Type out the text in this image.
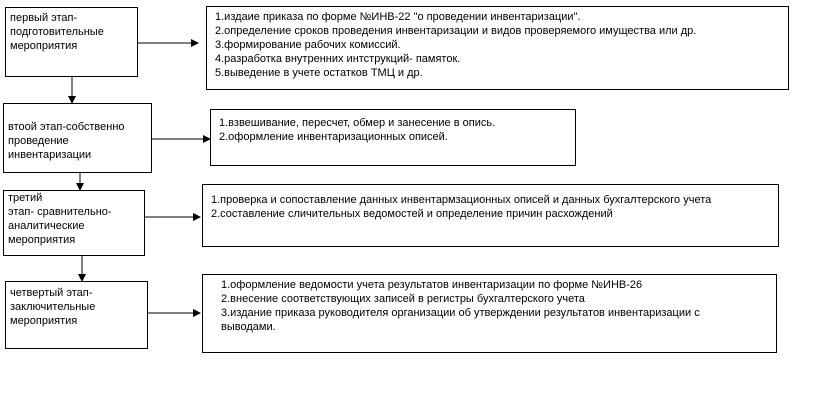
первый этап-
подготовительные
мероприятия
1.издаие приказа по форме №ИНВ-22 "о проведении инвентаризации".
2.определение сроков проведения инвентаризации и видов проверяемого имущества или др.
3.формирование рабочих комиссий.
4.разработка внутренних интструкций- памяток.
5.выведение в учете остатков ТМЦ и др.
втоой этап-собственно
проведение
инвентаризации
1.взвешивание, пересчет, обмер и занесение в опись.
2.оформление инвентаризационных описей.
третий
этап- сравнительно-
аналитические
мероприятия
1.проверка и сопоставление данных инвентармзационных описей и данных бухгалтерского учета
2.составление сличительных ведомостей и определение причин расхождений
четвертый этап-
заключительные
мероприятия
1.оформление ведомости учета результатов инвентаризации по форме №ИНВ-26
2.внесение соответствующих записей в регистры бухгалтерского учета
3.издание приказа руководителя организации об утверждении результатов инвентаризации с
выводами.
